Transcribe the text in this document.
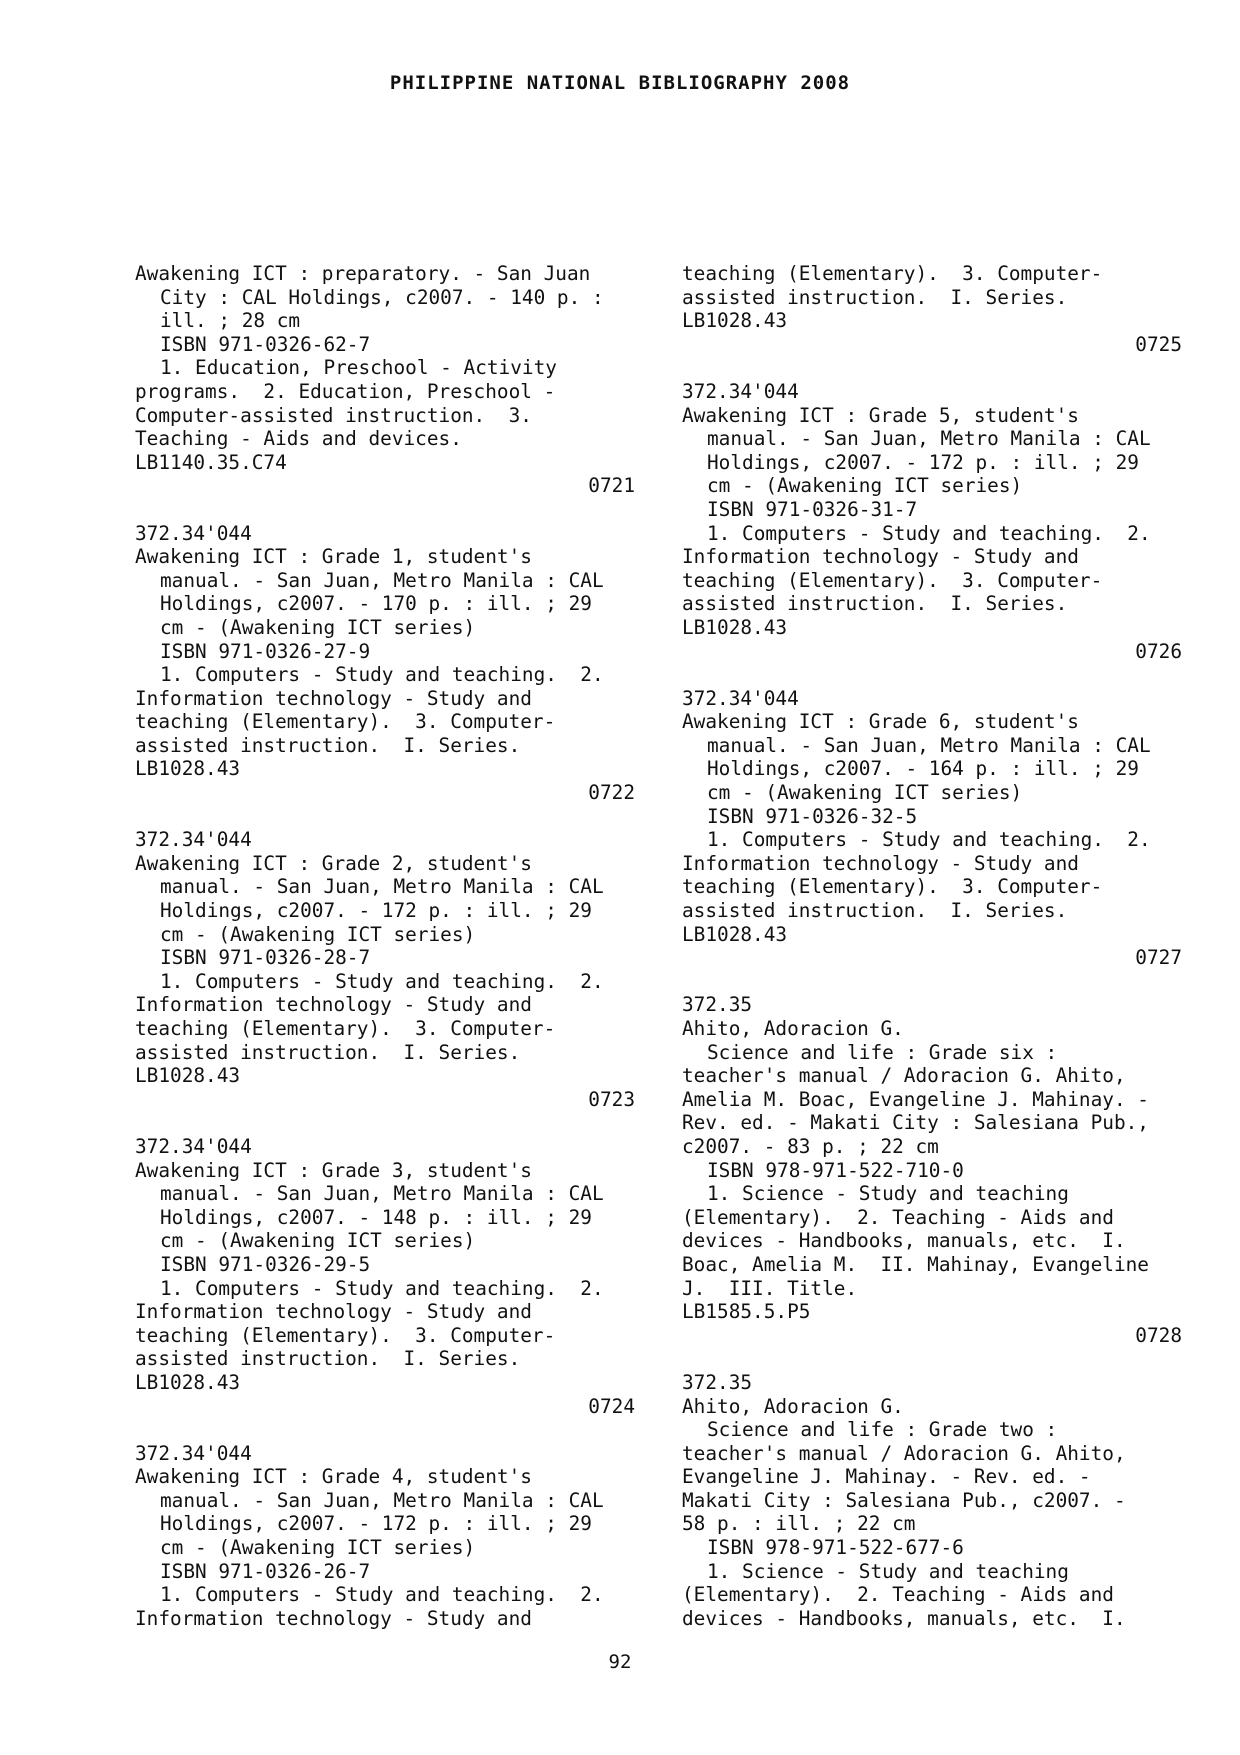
PHILIPPINE NATIONAL BIBLIOGRAPHY 2008
Awakening ICT : preparatory. - San Juan
City : CAL Holdings, c2007. - 140 p. :
ill. ; 28 cm
ISBN 971-0326-62-7
1. Education, Preschool - Activity
programs.  2. Education, Preschool -
Computer-assisted instruction.  3.
Teaching - Aids and devices.
LB1140.35.C74
0721
372.34'044
Awakening ICT : Grade 1, student's
manual. - San Juan, Metro Manila : CAL
Holdings, c2007. - 170 p. : ill. ; 29
cm - (Awakening ICT series)
ISBN 971-0326-27-9
1. Computers - Study and teaching.  2.
Information technology - Study and
teaching (Elementary).  3. Computer-
assisted instruction.  I. Series.
LB1028.43
0722
372.34'044
Awakening ICT : Grade 2, student's
manual. - San Juan, Metro Manila : CAL
Holdings, c2007. - 172 p. : ill. ; 29
cm - (Awakening ICT series)
ISBN 971-0326-28-7
1. Computers - Study and teaching.  2.
Information technology - Study and
teaching (Elementary).  3. Computer-
assisted instruction.  I. Series.
LB1028.43
0723
372.34'044
Awakening ICT : Grade 3, student's
manual. - San Juan, Metro Manila : CAL
Holdings, c2007. - 148 p. : ill. ; 29
cm - (Awakening ICT series)
ISBN 971-0326-29-5
1. Computers - Study and teaching.  2.
Information technology - Study and
teaching (Elementary).  3. Computer-
assisted instruction.  I. Series.
LB1028.43
0724
372.34'044
Awakening ICT : Grade 4, student's
manual. - San Juan, Metro Manila : CAL
Holdings, c2007. - 172 p. : ill. ; 29
cm - (Awakening ICT series)
ISBN 971-0326-26-7
1. Computers - Study and teaching.  2.
Information technology - Study and
teaching (Elementary).  3. Computer-
assisted instruction.  I. Series.
LB1028.43
0725
372.34'044
Awakening ICT : Grade 5, student's
manual. - San Juan, Metro Manila : CAL
Holdings, c2007. - 172 p. : ill. ; 29
cm - (Awakening ICT series)
ISBN 971-0326-31-7
1. Computers - Study and teaching.  2.
Information technology - Study and
teaching (Elementary).  3. Computer-
assisted instruction.  I. Series.
LB1028.43
0726
372.34'044
Awakening ICT : Grade 6, student's
manual. - San Juan, Metro Manila : CAL
Holdings, c2007. - 164 p. : ill. ; 29
cm - (Awakening ICT series)
ISBN 971-0326-32-5
1. Computers - Study and teaching.  2.
Information technology - Study and
teaching (Elementary).  3. Computer-
assisted instruction.  I. Series.
LB1028.43
0727
372.35
Ahito, Adoracion G.
Science and life : Grade six :
teacher's manual / Adoracion G. Ahito,
Amelia M. Boac, Evangeline J. Mahinay. -
Rev. ed. - Makati City : Salesiana Pub.,
c2007. - 83 p. ; 22 cm
ISBN 978-971-522-710-0
1. Science - Study and teaching
(Elementary).  2. Teaching - Aids and
devices - Handbooks, manuals, etc.  I.
Boac, Amelia M.  II. Mahinay, Evangeline
J.  III. Title.
LB1585.5.P5
0728
372.35
Ahito, Adoracion G.
Science and life : Grade two :
teacher's manual / Adoracion G. Ahito,
Evangeline J. Mahinay. - Rev. ed. -
Makati City : Salesiana Pub., c2007. -
58 p. : ill. ; 22 cm
ISBN 978-971-522-677-6
1. Science - Study and teaching
(Elementary).  2. Teaching - Aids and
devices - Handbooks, manuals, etc.  I.
92
